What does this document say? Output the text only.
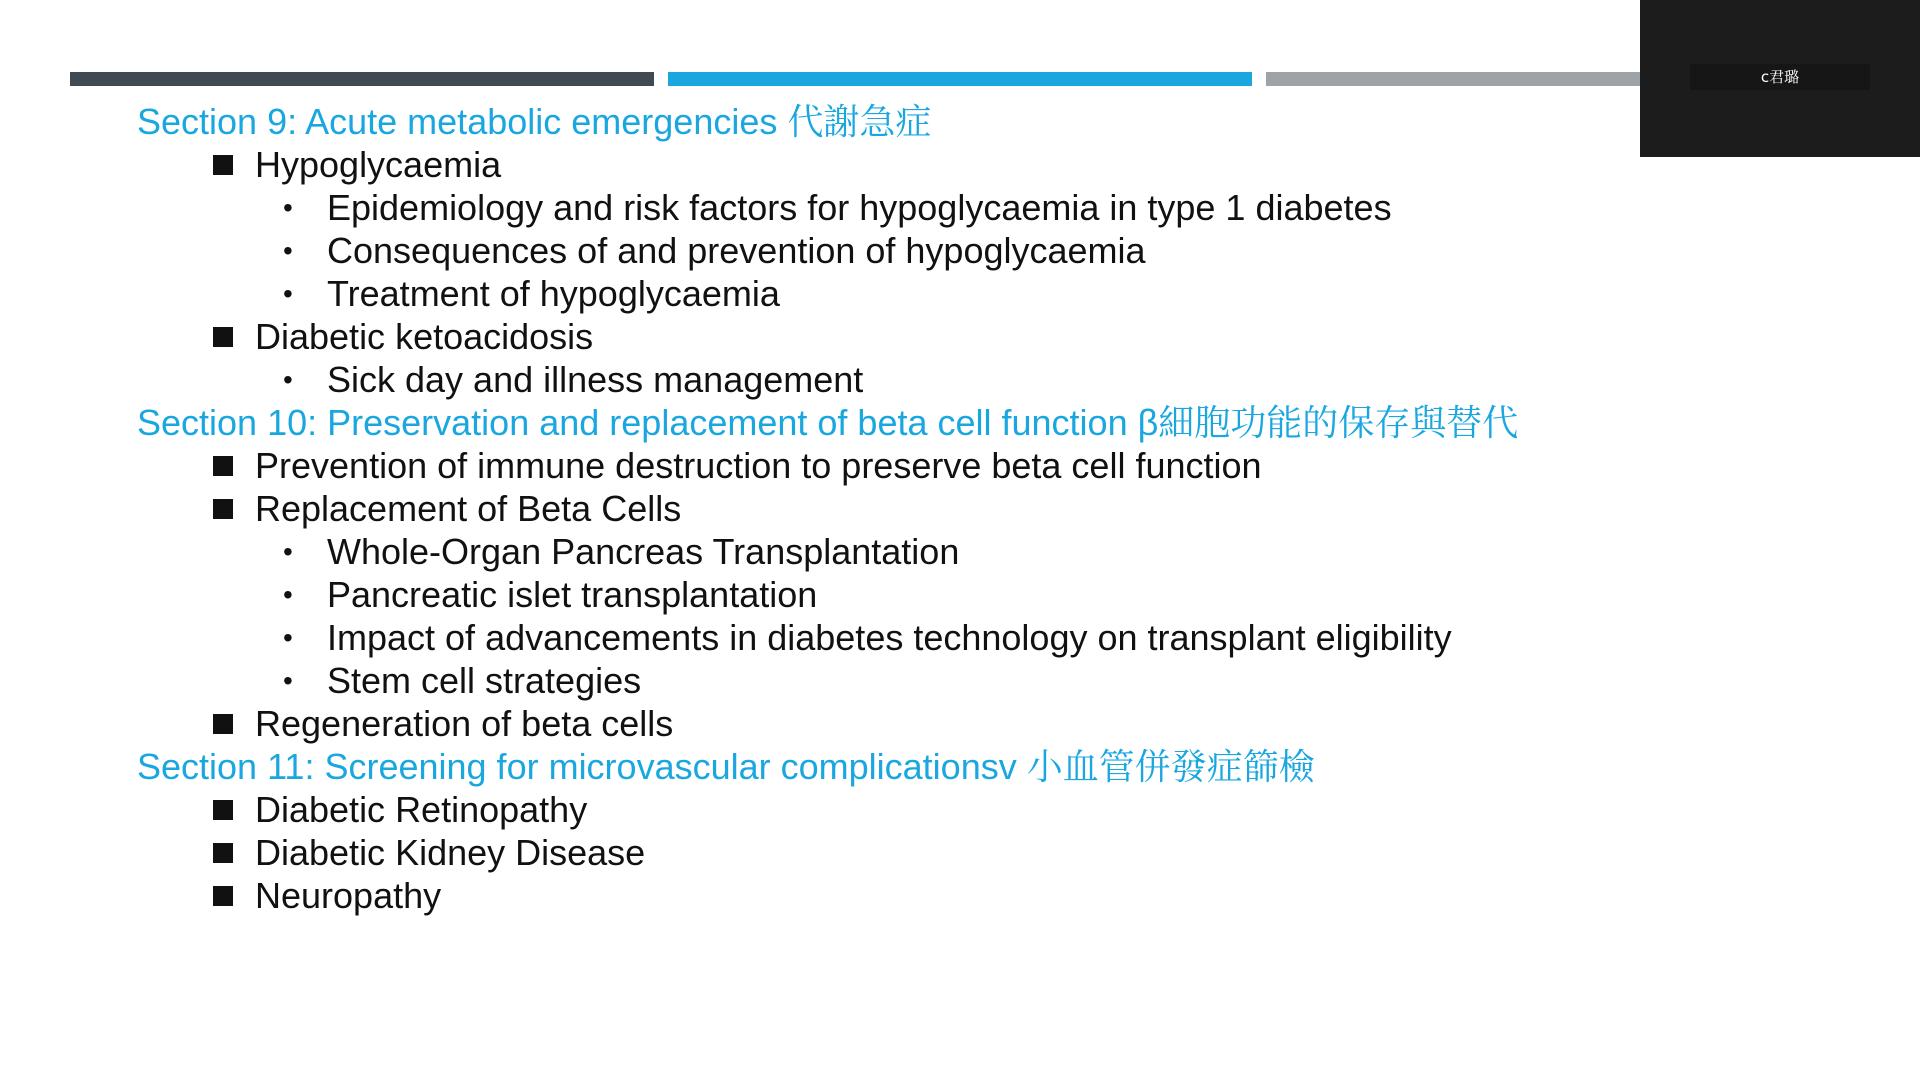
c君璐
Section 9: Acute metabolic emergencies 代謝急症
Hypoglycaemia
• Epidemiology and risk factors for hypoglycaemia in type 1 diabetes
• Consequences of and prevention of hypoglycaemia
• Treatment of hypoglycaemia
Diabetic ketoacidosis
• Sick day and illness management
Section 10: Preservation and replacement of beta cell function β細胞功能的保存與替代
Prevention of immune destruction to preserve beta cell function
Replacement of Beta Cells
• Whole-Organ Pancreas Transplantation
• Pancreatic islet transplantation
• Impact of advancements in diabetes technology on transplant eligibility
• Stem cell strategies
Regeneration of beta cells
Section 11: Screening for microvascular complicationsv 小血管併發症篩檢
Diabetic Retinopathy
Diabetic Kidney Disease
Neuropathy
